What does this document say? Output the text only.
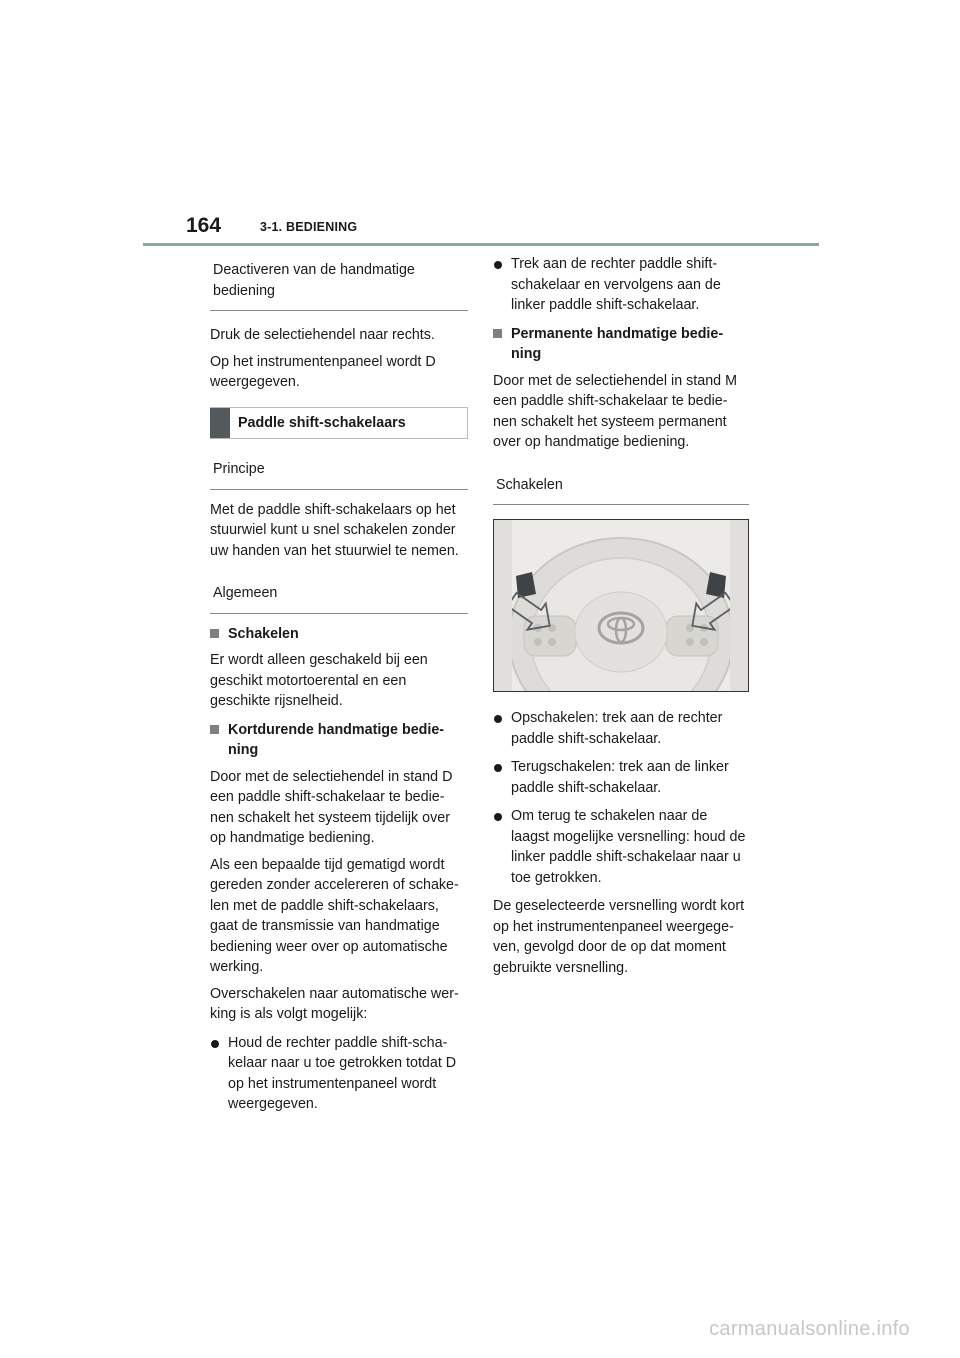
164	3-1. BEDIENING
Deactiveren van de handmatige bediening

Druk de selectiehendel naar rechts.

Op het instrumentenpaneel wordt D weergegeven.

Paddle shift-schakelaars
Principe

Met de paddle shift-schakelaars op het stuurwiel kunt u snel schakelen zonder uw handen van het stuurwiel te nemen.

Algemeen
Schakelen

Er wordt alleen geschakeld bij een geschikt motortoerental en een geschikte rijsnelheid.

Kortdurende handmatige bedie-ning

Door met de selectiehendel in stand D een paddle shift-schakelaar te bedie-nen schakelt het systeem tijdelijk over op handmatige bediening.

Als een bepaalde tijd gematigd wordt gereden zonder accelereren of schake-len met de paddle shift-schakelaars, gaat de transmissie van handmatige bediening weer over op automatische werking.

Overschakelen naar automatische wer-king is als volgt mogelijk:

Houd de rechter paddle shift-scha-kelaar naar u toe getrokken totdat D op het instrumentenpaneel wordt weergegeven.
Trek aan de rechter paddle shift-schakelaar en vervolgens aan de linker paddle shift-schakelaar.
Permanente handmatige bedie-ning

Door met de selectiehendel in stand M een paddle shift-schakelaar te bedie-nen schakelt het systeem permanent over op handmatige bediening.

Schakelen
Opschakelen: trek aan de rechter paddle shift-schakelaar.
Terugschakelen: trek aan de linker paddle shift-schakelaar.
Om terug te schakelen naar de laagst mogelijke versnelling: houd de linker paddle shift-schakelaar naar u toe getrokken.

De geselecteerde versnelling wordt kort op het instrumentenpaneel weergege-ven, gevolgd door de op dat moment gebruikte versnelling.

carmanualsonline.info
